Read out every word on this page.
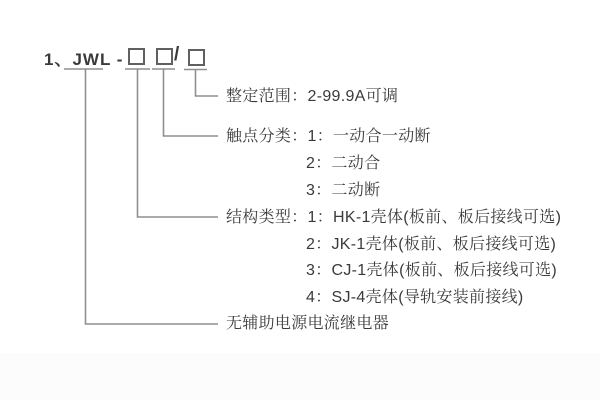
1、JWL -	/
整定范围：2-99.9A可调
触点分类：1：一动合一动断
2：二动合
3：二动断
结构类型：1：HK-1壳体(板前、板后接线可选)
2：JK-1壳体(板前、板后接线可选)
3：CJ-1壳体(板前、板后接线可选)
4：SJ-4壳体(导轨安装前接线)
无辅助电源电流继电器
